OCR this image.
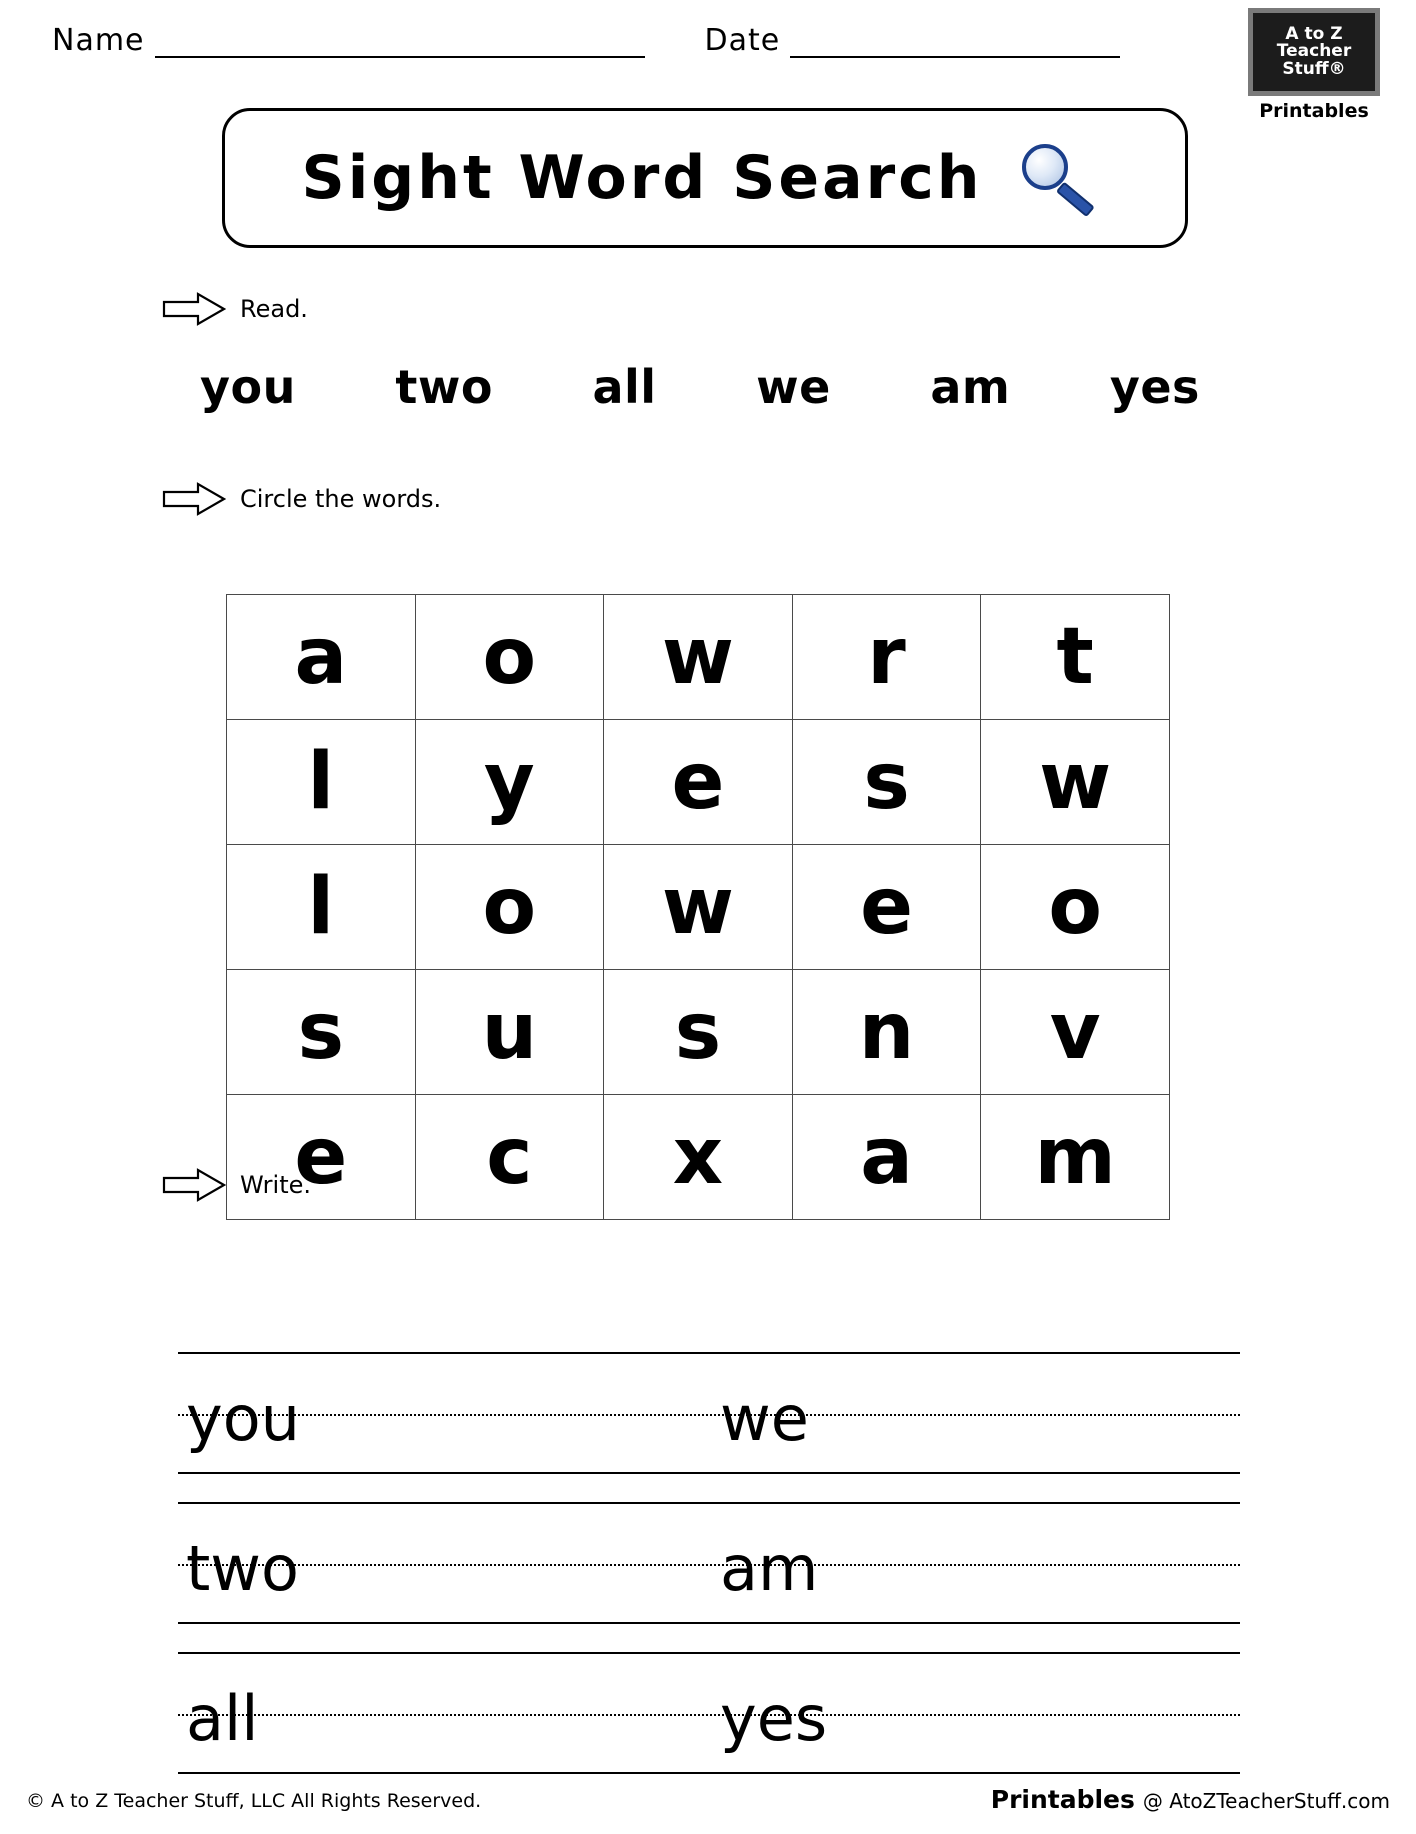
Name	Date	A to Z
Teacher
Stuff®
Printables
Sight Word Search
Read.
you two all we am yes
Circle the words.
a	o	w	r	t
l	y	e	s	w
l	o	w	e	o
s	u	s	n	v
e	c	x	a	m
Write.
you	we
two	am
all	yes
© A to Z Teacher Stuff, LLC All Rights Reserved.	Printables @ AtoZTeacherStuff.com
